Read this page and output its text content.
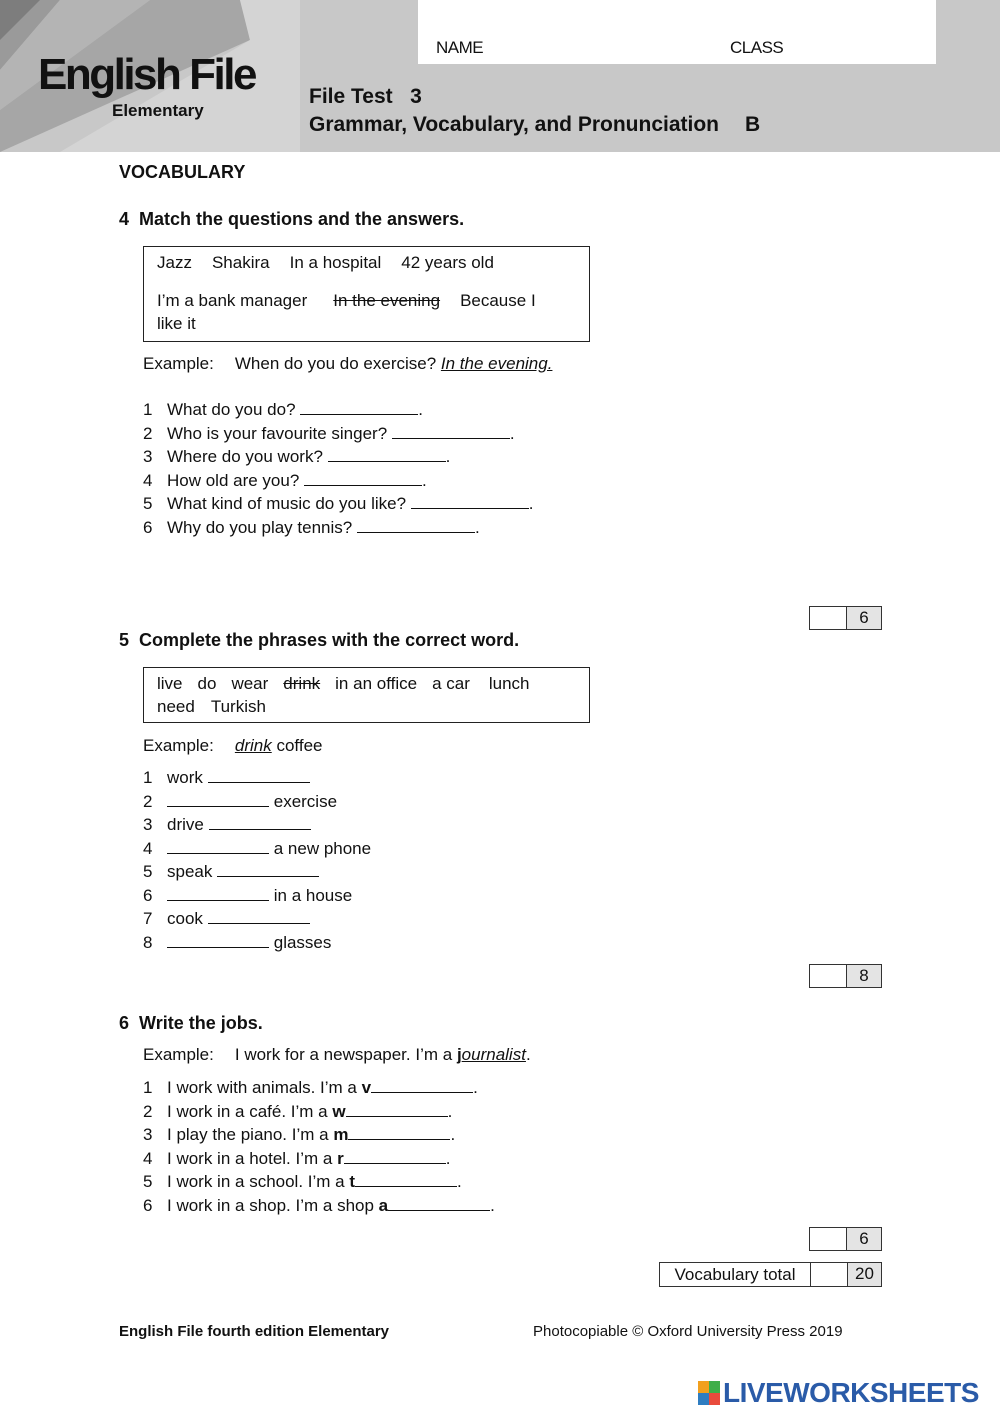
NAME	CLASS
English File
Elementary
File Test   3
Grammar, Vocabulary, and Pronunciation B
VOCABULARY
4 Match the questions and the answers.
Jazz Shakira In a hospital 42 years old
I’m a bank manager In the evening Because I
like it
Example: When do you do exercise? In the evening.
1 What do you do?	.
2 Who is your favourite singer?	.
3 Where do you work?	.
4 How old are you?	.
5 What kind of music do you like?	.
6 Why do you play tennis?	.
6
5 Complete the phrases with the correct word.
live do wear drink in an office a car lunch
need Turkish
Example: drink coffee
1 work
2	exercise
3 drive
4	a new phone
5 speak
6	in a house
7 cook
8	glasses
8
6 Write the jobs.
Example: I work for a newspaper. I’m a journalist.
1 I work with animals. I’m a v	.
2 I work in a café. I’m a w	.
3 I play the piano. I’m a m	.
4 I work in a hotel. I’m a r	.
5 I work in a school. I’m a t	.
6 I work in a shop. I’m a shop a	.
6
Vocabulary total	20
English File fourth edition Elementary	Photocopiable © Oxford University Press 2019
LIVEWORKSHEETS
